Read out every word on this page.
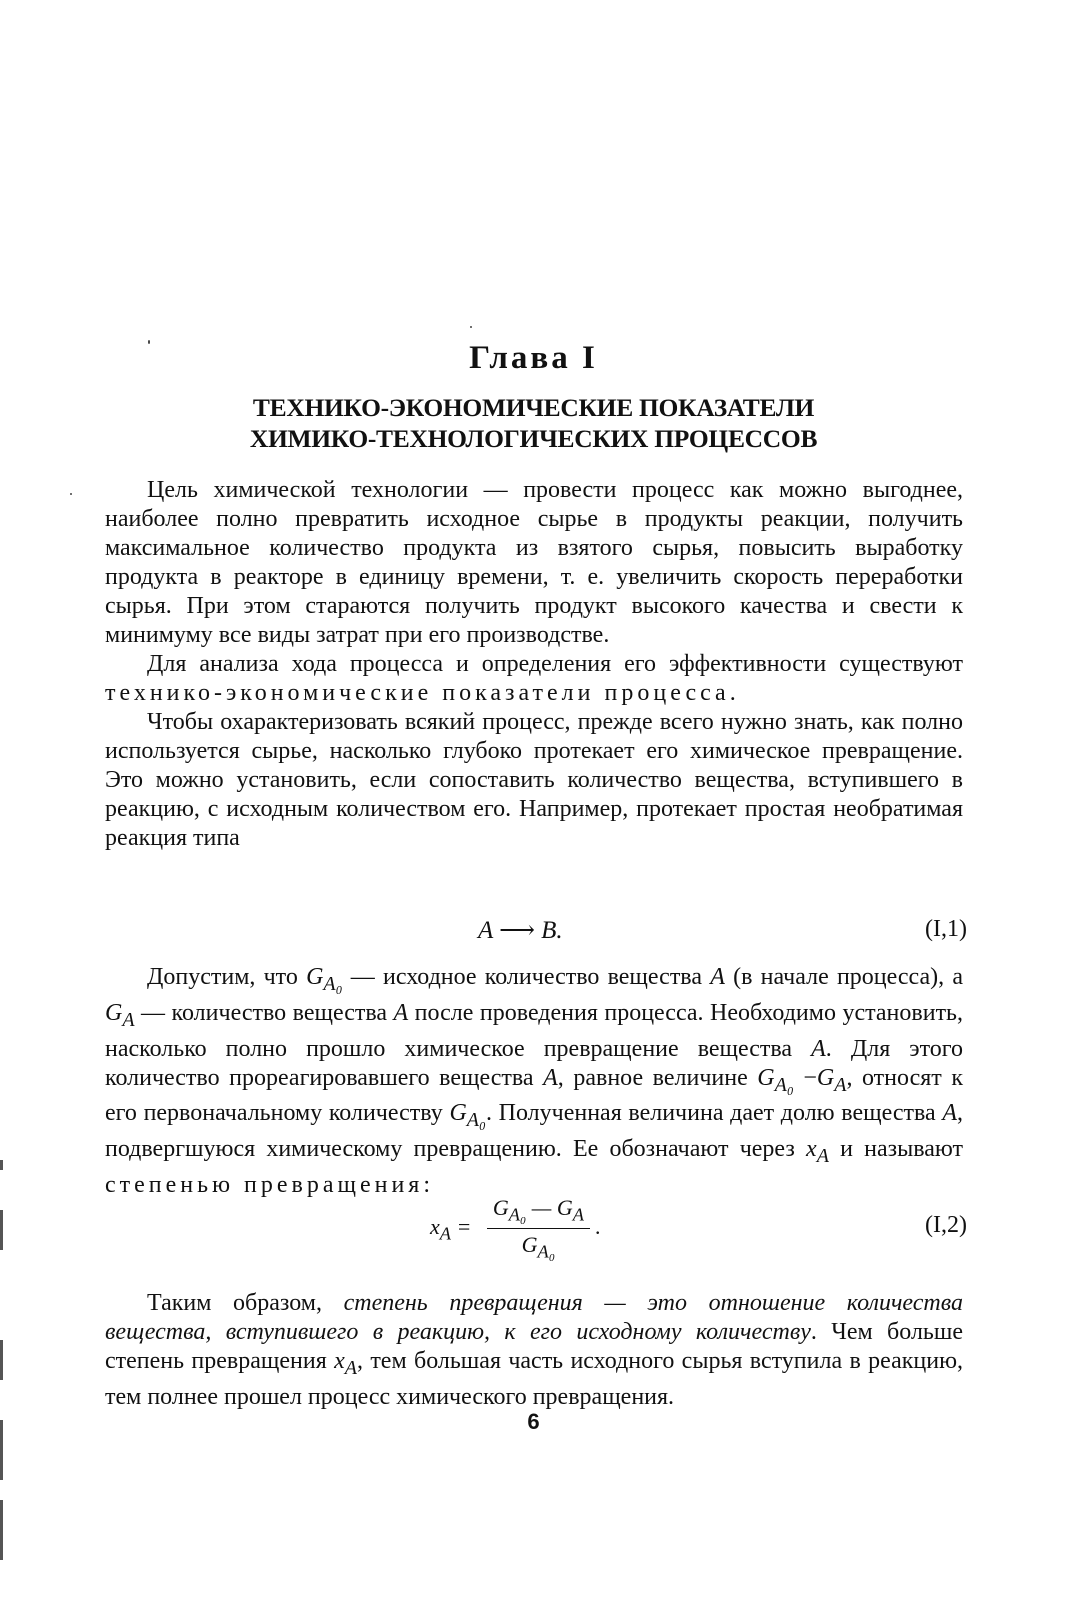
Глава I
ТЕХНИКО-ЭКОНОМИЧЕСКИЕ ПОКАЗАТЕЛИ
ХИМИКО-ТЕХНОЛОГИЧЕСКИХ ПРОЦЕССОВ

Цель химической технологии — провести процесс как можно выгоднее, наиболее полно превратить исходное сырье в продукты реакции, получить максимальное количество продукта из взятого сырья, повысить выработку продукта в реакторе в единицу времени, т. е. увеличить скорость переработки сырья. При этом стараются получить продукт высокого качества и свести к минимуму все виды затрат при его производстве.

Для анализа хода процесса и определения его эффективности существуют технико-экономические показатели процесса.

Чтобы охарактеризовать всякий процесс, прежде всего нужно знать, как полно используется сырье, насколько глубоко протекает его химическое превращение. Это можно установить, если сопоставить количество вещества, вступившего в реакцию, с исходным количеством его. Например, протекает простая необратимая реакция типа

A ⟶ B.	(I,1)

Допустим, что $G_{A_0}$ — исходное количество вещества A (в начале процесса), а $G_A$ — количество вещества A после проведения процесса. Необходимо установить, насколько полно прошло химическое превращение вещества A. Для этого количество прореагировавшего вещества A, равное величине $G_{A_0} -G_A$, относят к его первоначальному количеству $G_{A_0}$. Полученная величина дает долю вещества A, подвергшуюся химическому превращению. Ее обозначают через $x_A$ и называют степенью превращения:

$x_A = \frac{G_{A_0} — G_A}{G_{A_0}}$ .	(I,2)

Таким образом, степень превращения — это отношение количества вещества, вступившего в реакцию, к его исходному количеству. Чем больше степень превращения $x_A$, тем большая часть исходного сырья вступила в реакцию, тем полнее прошел процесс химического превращения.

6
